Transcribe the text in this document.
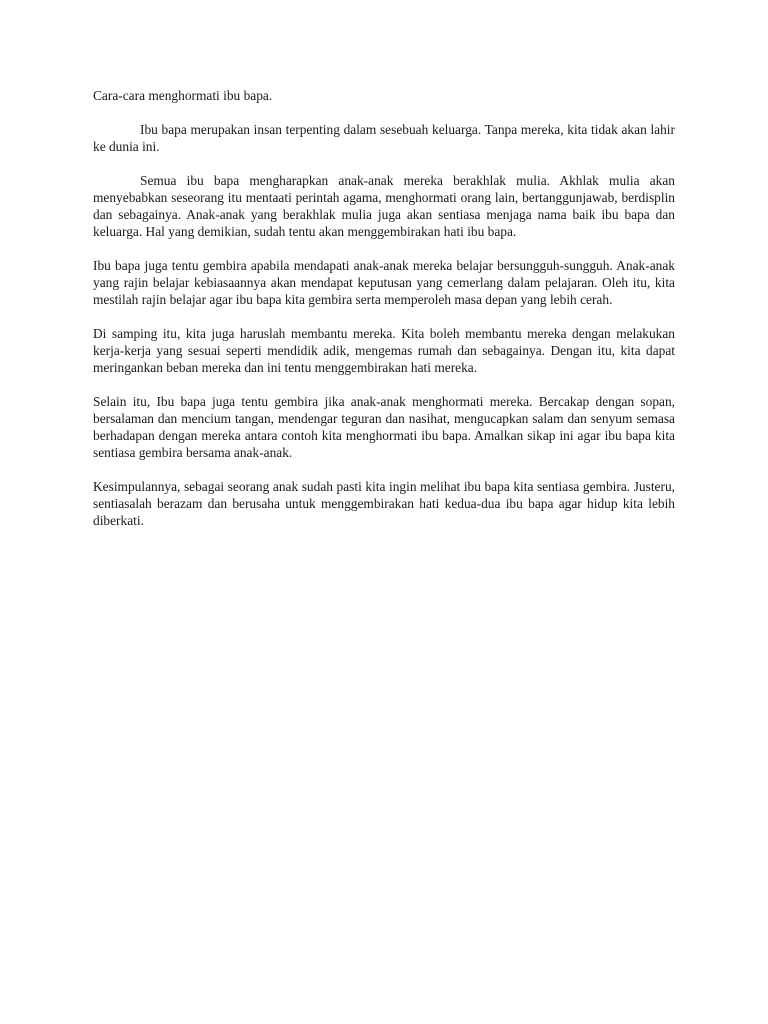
Cara-cara menghormati ibu bapa.

Ibu bapa merupakan insan terpenting dalam sesebuah keluarga. Tanpa mereka, kita tidak akan lahir ke dunia ini.

Semua ibu bapa mengharapkan anak-anak mereka berakhlak mulia. Akhlak mulia akan menyebabkan seseorang itu mentaati perintah agama, menghormati orang lain, bertanggunjawab, berdisplin dan sebagainya. Anak-anak yang berakhlak mulia juga akan sentiasa menjaga nama baik ibu bapa dan keluarga. Hal yang demikian, sudah tentu akan menggembirakan hati ibu bapa.

Ibu bapa juga tentu gembira apabila mendapati anak-anak mereka belajar bersungguh-sungguh. Anak-anak yang rajin belajar kebiasaannya akan mendapat keputusan yang cemerlang dalam pelajaran. Oleh itu, kita mestilah rajin belajar agar ibu bapa kita gembira serta memperoleh masa depan yang lebih cerah.

Di samping itu, kita juga haruslah membantu mereka. Kita boleh membantu mereka dengan melakukan kerja-kerja yang sesuai seperti mendidik adik, mengemas rumah dan sebagainya. Dengan itu, kita dapat meringankan beban mereka dan ini tentu menggembirakan hati mereka.

Selain itu, Ibu bapa juga tentu gembira jika anak-anak menghormati mereka. Bercakap dengan sopan, bersalaman dan mencium tangan, mendengar teguran dan nasihat, mengucapkan salam dan senyum semasa berhadapan dengan mereka antara contoh kita menghormati ibu bapa. Amalkan sikap ini agar ibu bapa kita sentiasa gembira bersama anak-anak.

Kesimpulannya, sebagai seorang anak sudah pasti kita ingin melihat ibu bapa kita sentiasa gembira. Justeru, sentiasalah berazam dan berusaha untuk menggembirakan hati kedua-dua ibu bapa agar hidup kita lebih diberkati.
